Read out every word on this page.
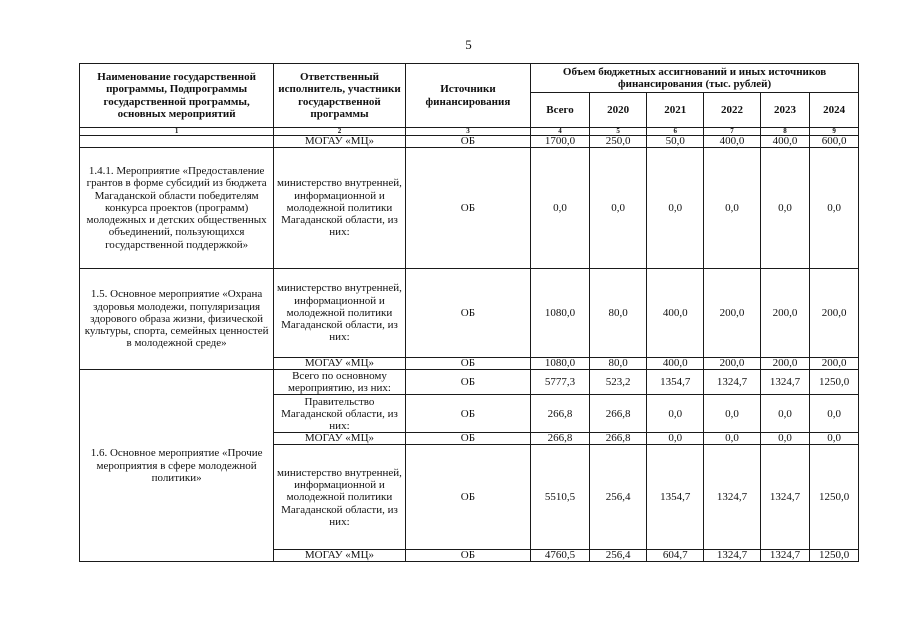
5
Наименование государственной программы, Подпрограммы государственной программы, основных мероприятий	Ответственный исполнитель, участники государственной программы	Источники финансирования	Объем бюджетных ассигнований и иных источников финансирования (тыс. рублей)					
			Всего	2020	2021	2022	2023	2024
1	2	3	4	5	6	7	8	9
	МОГАУ «МЦ»	ОБ	1700,0	250,0	50,0	400,0	400,0	600,0
1.4.1. Мероприятие «Предоставление грантов в форме субсидий из бюджета Магаданской области победителям конкурса проектов (программ) молодежных и детских общественных объединений, пользующихся государственной поддержкой»	министерство внутренней, информационной и молодежной политики Магаданской области, из них:	ОБ	0,0	0,0	0,0	0,0	0,0	0,0
1.5. Основное мероприятие «Охрана здоровья молодежи, популяризация здорового образа жизни, физической культуры, спорта, семейных ценностей в молодежной среде»	министерство внутренней, информационной и молодежной политики Магаданской области, из них:	ОБ	1080,0	80,0	400,0	200,0	200,0	200,0
	МОГАУ «МЦ»	ОБ	1080,0	80,0	400,0	200,0	200,0	200,0
1.6. Основное мероприятие «Прочие мероприятия в сфере молодежной политики»	Всего по основному мероприятию, из них:	ОБ	5777,3	523,2	1354,7	1324,7	1324,7	1250,0
	Правительство Магаданской области, из них:	ОБ	266,8	266,8	0,0	0,0	0,0	0,0
	МОГАУ «МЦ»	ОБ	266,8	266,8	0,0	0,0	0,0	0,0
	министерство внутренней, информационной и молодежной политики Магаданской области, из них:	ОБ	5510,5	256,4	1354,7	1324,7	1324,7	1250,0
	МОГАУ «МЦ»	ОБ	4760,5	256,4	604,7	1324,7	1324,7	1250,0
